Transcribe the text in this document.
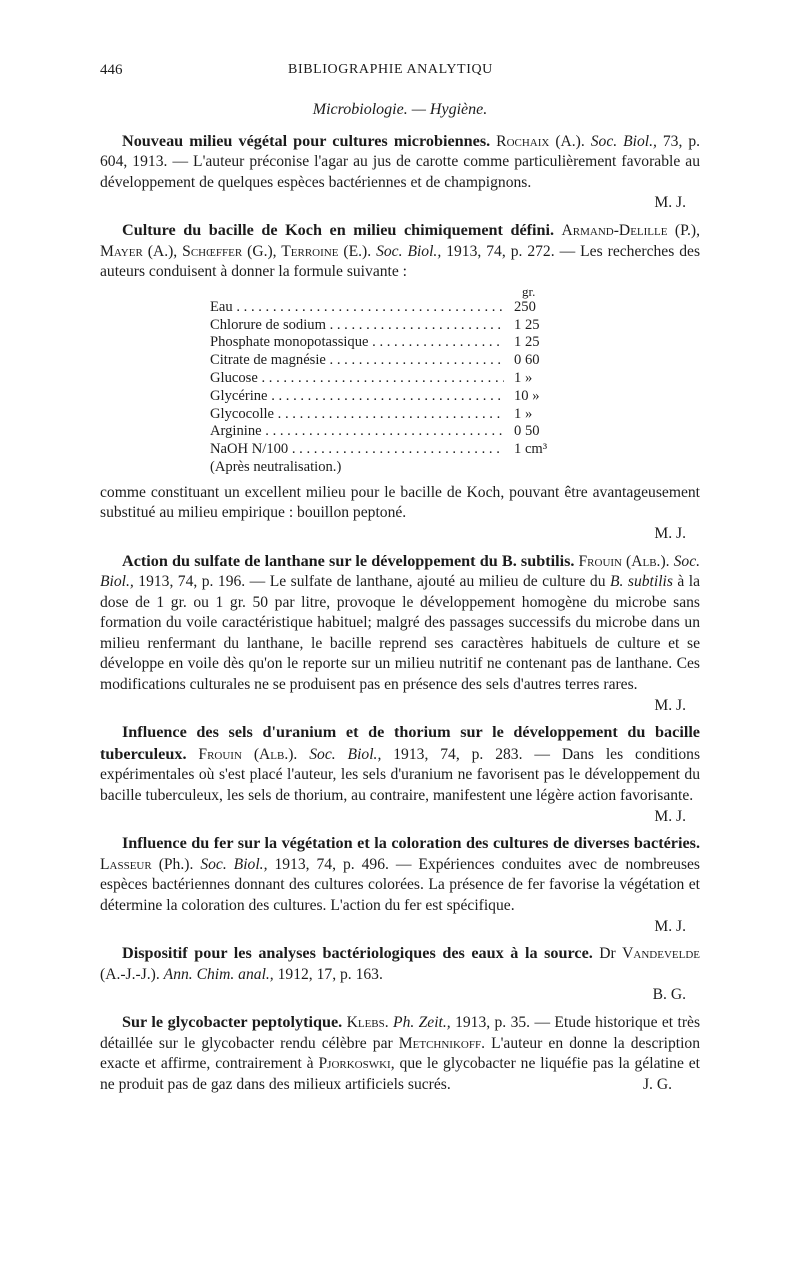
446	BIBLIOGRAPHIE ANALYTIQU
Microbiologie. — Hygiène.

Nouveau milieu végétal pour cultures microbiennes. Rochaix (A.). Soc. Biol., 73, p. 604, 1913. — L'auteur préconise l'agar au jus de carotte comme particulièrement favorable au développement de quelques espèces bactériennes et de champignons.
M. J.

Culture du bacille de Koch en milieu chimiquement défini. Armand-Delille (P.), Mayer (A.), Schœffer (G.), Terroine (E.). Soc. Biol., 1913, 74, p. 272. — Les recherches des auteurs conduisent à donner la formule suivante :

gr.
Eau . . .	250
Chlorure de sodium . . .	1 25
Phosphate monopotassique . . .	1 25
Citrate de magnésie . . .	0 60
Glucose . . .	1 »
Glycérine . . .	10 »
Glycocolle . . .	1 »
Arginine . . .	0 50
NaOH N/100 . . .	1 cm³
(Après neutralisation.)

comme constituant un excellent milieu pour le bacille de Koch, pouvant être avantageusement substitué au milieu empirique : bouillon peptoné.
M. J.

Action du sulfate de lanthane sur le développement du B. subtilis. Frouin (Alb.). Soc. Biol., 1913, 74, p. 196. — Le sulfate de lanthane, ajouté au milieu de culture du B. subtilis à la dose de 1 gr. ou 1 gr. 50 par litre, provoque le développement homogène du microbe sans formation du voile caractéristique habituel; malgré des passages successifs du microbe dans un milieu renfermant du lanthane, le bacille reprend ses caractères habituels de culture et se développe en voile dès qu'on le reporte sur un milieu nutritif ne contenant pas de lanthane. Ces modifications culturales ne se produisent pas en présence des sels d'autres terres rares.
M. J.

Influence des sels d'uranium et de thorium sur le développement du bacille tuberculeux. Frouin (Alb.). Soc. Biol., 1913, 74, p. 283. — Dans les conditions expérimentales où s'est placé l'auteur, les sels d'uranium ne favorisent pas le développement du bacille tuberculeux, les sels de thorium, au contraire, manifestent une légère action favorisante.
M. J.

Influence du fer sur la végétation et la coloration des cultures de diverses bactéries. Lasseur (Ph.). Soc. Biol., 1913, 74, p. 496. — Expériences conduites avec de nombreuses espèces bactériennes donnant des cultures colorées. La présence de fer favorise la végétation et détermine la coloration des cultures. L'action du fer est spécifique.
M. J.

Dispositif pour les analyses bactériologiques des eaux à la source. Dr Vandevelde (A.-J.-J.). Ann. Chim. anal., 1912, 17, p. 163.
B. G.

Sur le glycobacter peptolytique. Klebs. Ph. Zeit., 1913, p. 35. — Etude historique et très détaillée sur le glycobacter rendu célèbre par Metchnikoff. L'auteur en donne la description exacte et affirme, contrairement à Pjorkoswki, que le glycobacter ne liquéfie pas la gélatine et ne produit pas de gaz dans des milieux artificiels sucrés.	J. G.
